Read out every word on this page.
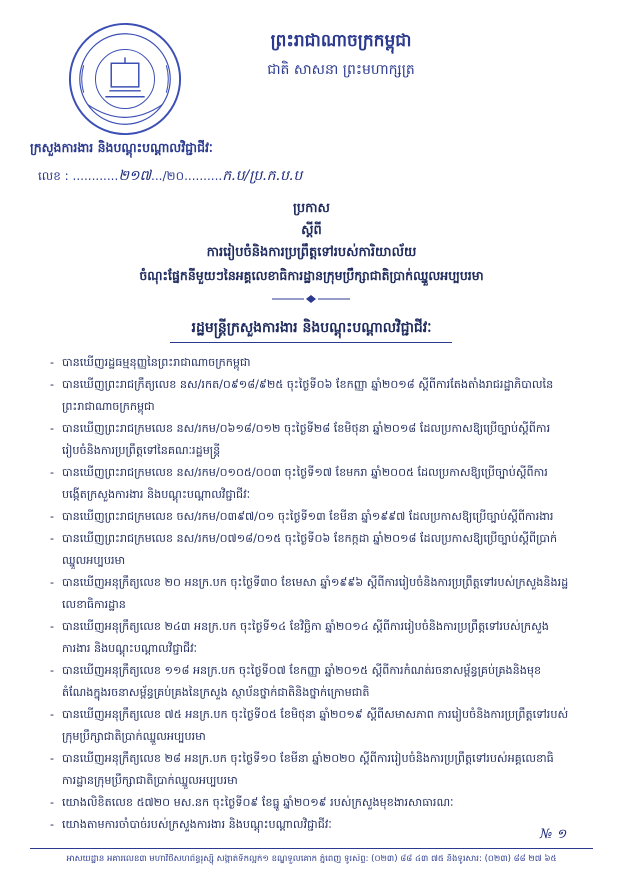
ព្រះរាជាណាចក្រកម្ពុជា
ជាតិ សាសនា ព្រះមហាក្សត្រ
ក្រសួងការងារ និងបណ្ដុះបណ្ដាលវិជ្ជាជីវៈ
លេខ : ............២១៧.../២០..........ក.ប/ប្រ.ក.ប.ប
ប្រកាស
ស្ដីពី
ការរៀបចំនិងការប្រព្រឹត្តទៅរបស់ការិយាល័យ
ចំណុះផ្នែកនីមួយៗនៃអគ្គលេខាធិការដ្ឋានក្រុមប្រឹក្សាជាតិប្រាក់ឈ្នួលអប្បបរមា
រដ្ឋមន្ត្រីក្រសួងការងារ និងបណ្ដុះបណ្ដាលវិជ្ជាជីវៈ
- បានឃើញរដ្ឋធម្មនុញ្ញនៃព្រះរាជាណាចក្រកម្ពុជា
- បានឃើញព្រះរាជក្រឹត្យលេខ នស/រកត/០៩១៨/៩២៥ ចុះថ្ងៃទី០៦ ខែកញ្ញា ឆ្នាំ២០១៨ ស្ដីពីការតែងតាំងរាជរដ្ឋាភិបាលនៃព្រះរាជាណាចក្រកម្ពុជា
- បានឃើញព្រះរាជក្រមលេខ នស/រកម/០៦១៨/០១២ ចុះថ្ងៃទី២៨ ខែមិថុនា ឆ្នាំ២០១៨ ដែលប្រកាសឱ្យប្រើច្បាប់ស្ដីពីការរៀបចំនិងការប្រព្រឹត្តទៅនៃគណៈរដ្ឋមន្ត្រី
- បានឃើញព្រះរាជក្រមលេខ នស/រកម/០១០៥/០០៣ ចុះថ្ងៃទី១៧ ខែមករា ឆ្នាំ២០០៥ ដែលប្រកាសឱ្យប្រើច្បាប់ស្ដីពីការបង្កើតក្រសួងការងារ និងបណ្ដុះបណ្ដាលវិជ្ជាជីវៈ
- បានឃើញព្រះរាជក្រមលេខ ចស/រកម/០៣៩៧/០១ ចុះថ្ងៃទី១៣ ខែមីនា ឆ្នាំ១៩៩៧ ដែលប្រកាសឱ្យប្រើច្បាប់ស្ដីពីការងារ
- បានឃើញព្រះរាជក្រមលេខ នស/រកម/០៧១៨/០១៥ ចុះថ្ងៃទី០៦ ខែកក្កដា ឆ្នាំ២០១៨ ដែលប្រកាសឱ្យប្រើច្បាប់ស្ដីពីប្រាក់ឈ្នួលអប្បបរមា
- បានឃើញអនុក្រឹត្យលេខ ២០ អនក្រ.បក ចុះថ្ងៃទី៣០ ខែមេសា ឆ្នាំ១៩៩៦ ស្ដីពីការរៀបចំនិងការប្រព្រឹត្តទៅរបស់ក្រសួងនិងរដ្ឋលេខាធិការដ្ឋាន
- បានឃើញអនុក្រឹត្យលេខ ២៤៣ អនក្រ.បក ចុះថ្ងៃទី១៤ ខែវិច្ឆិកា ឆ្នាំ២០១៤ ស្ដីពីការរៀបចំនិងការប្រព្រឹត្តទៅរបស់ក្រសួងការងារ និងបណ្ដុះបណ្ដាលវិជ្ជាជីវៈ
- បានឃើញអនុក្រឹត្យលេខ ១១៨ អនក្រ.បក ចុះថ្ងៃទី០៧ ខែកញ្ញា ឆ្នាំ២០១៥ ស្ដីពីការកំណត់រចនាសម្ព័ន្ធគ្រប់គ្រងនិងមុខតំណែងក្នុងរចនាសម្ព័ន្ធគ្រប់គ្រងនៃក្រសួង ស្ថាប័នថ្នាក់ជាតិនិងថ្នាក់ក្រោមជាតិ
- បានឃើញអនុក្រឹត្យលេខ ៧៥ អនក្រ.បក ចុះថ្ងៃទី០៥ ខែមិថុនា ឆ្នាំ២០១៩ ស្ដីពីសមាសភាព ការរៀបចំនិងការប្រព្រឹត្តទៅរបស់ក្រុមប្រឹក្សាជាតិប្រាក់ឈ្នួលអប្បបរមា
- បានឃើញអនុក្រឹត្យលេខ ២៨ អនក្រ.បក ចុះថ្ងៃទី១០ ខែមីនា ឆ្នាំ២០២០ ស្ដីពីការរៀបចំនិងការប្រព្រឹត្តទៅរបស់អគ្គលេខាធិការដ្ឋានក្រុមប្រឹក្សាជាតិប្រាក់ឈ្នួលអប្បបរមា
- យោងលិខិតលេខ ៥៧២០ មស.នក ចុះថ្ងៃទី០៩ ខែធ្នូ ឆ្នាំ២០១៩ របស់ក្រសួងមុខងារសាធារណៈ
- យោងតាមការចាំបាច់របស់ក្រសួងការងារ និងបណ្ដុះបណ្ដាលវិជ្ជាជីវៈ
№ ១
អាសយដ្ឋាន អគារលេខ៣ មហាវិថីសហព័ន្ធរុស្ស៊ី សង្កាត់ទឹកល្អក់១ ខណ្ឌទួលគោក ភ្នំពេញ ទូរស័ព្ទ: (០២៣) ៨៨ ៤៣ ៧៥ និងទូរសារ: (០២៣) ៨៨ ២៧ ៦៥
